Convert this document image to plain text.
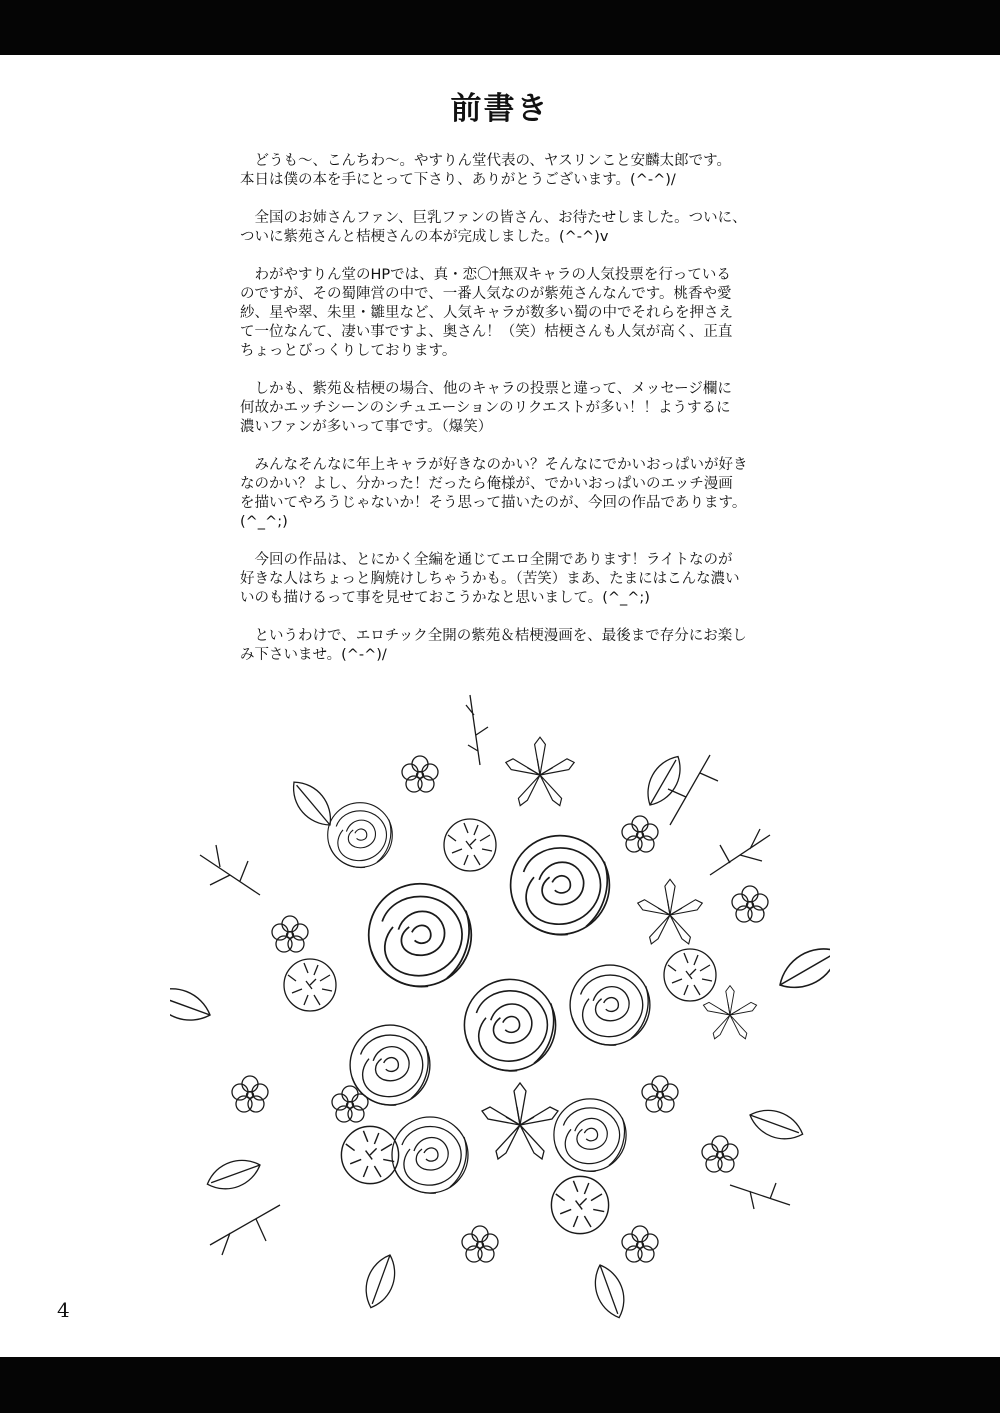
前書き

　どうも〜、こんちわ〜。やすりん堂代表の、ヤスリンこと安麟太郎です。
本日は僕の本を手にとって下さり、ありがとうございます。(^-^)/

　全国のお姉さんファン、巨乳ファンの皆さん、お待たせしました。ついに、
ついに紫苑さんと桔梗さんの本が完成しました。(^-^)v

　わがやすりん堂のHPでは、真・恋〇†無双キャラの人気投票を行っている
のですが、その蜀陣営の中で、一番人気なのが紫苑さんなんです。桃香や愛
紗、星や翠、朱里・雛里など、人気キャラが数多い蜀の中でそれらを押さえ
て一位なんて、凄い事ですよ、奥さん！（笑）桔梗さんも人気が高く、正直
ちょっとびっくりしております。

　しかも、紫苑＆桔梗の場合、他のキャラの投票と違って、メッセージ欄に
何故かエッチシーンのシチュエーションのリクエストが多い！！ようするに
濃いファンが多いって事です。（爆笑）

　みんなそんなに年上キャラが好きなのかい？そんなにでかいおっぱいが好き
なのかい？よし、分かった！だったら俺様が、でかいおっぱいのエッチ漫画
を描いてやろうじゃないか！そう思って描いたのが、今回の作品であります。
(^_^;)

　今回の作品は、とにかく全編を通じてエロ全開であります！ライトなのが
好きな人はちょっと胸焼けしちゃうかも。（苦笑）まあ、たまにはこんな濃い
いのも描けるって事を見せておこうかなと思いまして。(^_^;)

　というわけで、エロチック全開の紫苑＆桔梗漫画を、最後まで存分にお楽し
み下さいませ。(^-^)/

4
